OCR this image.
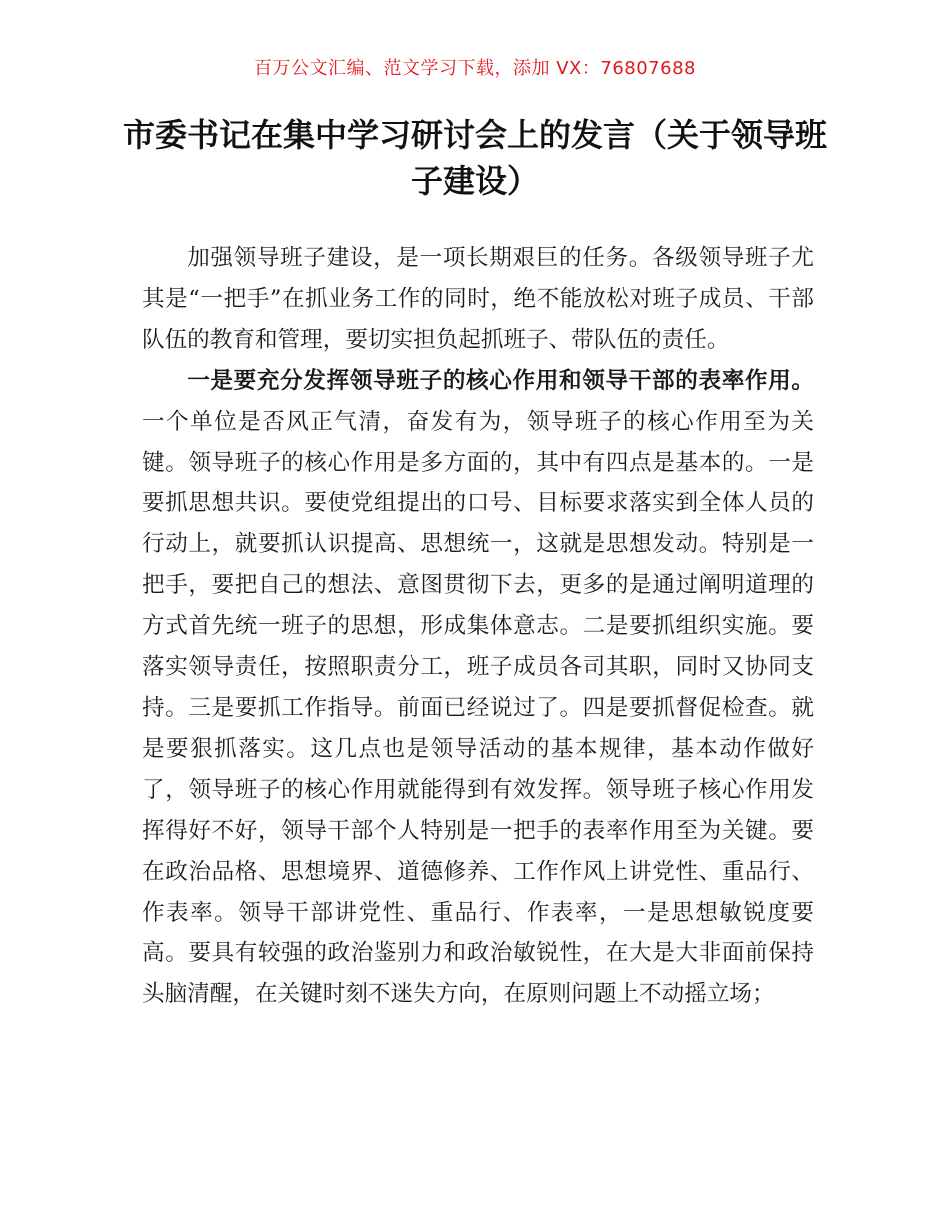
百万公文汇编、范文学习下载，添加 VX：76807688
市委书记在集中学习研讨会上的发言（关于领导班子建设）

加强领导班子建设，是一项长期艰巨的任务。各级领导班子尤其是“一把手”在抓业务工作的同时，绝不能放松对班子成员、干部队伍的教育和管理，要切实担负起抓班子、带队伍的责任。

一是要充分发挥领导班子的核心作用和领导干部的表率作用。一个单位是否风正气清，奋发有为，领导班子的核心作用至为关键。领导班子的核心作用是多方面的，其中有四点是基本的。一是要抓思想共识。要使党组提出的口号、目标要求落实到全体人员的行动上，就要抓认识提高、思想统一，这就是思想发动。特别是一把手，要把自己的想法、意图贯彻下去，更多的是通过阐明道理的方式首先统一班子的思想，形成集体意志。二是要抓组织实施。要落实领导责任，按照职责分工，班子成员各司其职，同时又协同支持。三是要抓工作指导。前面已经说过了。四是要抓督促检查。就是要狠抓落实。这几点也是领导活动的基本规律，基本动作做好了，领导班子的核心作用就能得到有效发挥。领导班子核心作用发挥得好不好，领导干部个人特别是一把手的表率作用至为关键。要在政治品格、思想境界、道德修养、工作作风上讲党性、重品行、作表率。领导干部讲党性、重品行、作表率，一是思想敏锐度要高。要具有较强的政治鉴别力和政治敏锐性，在大是大非面前保持头脑清醒，在关键时刻不迷失方向，在原则问题上不动摇立场；
